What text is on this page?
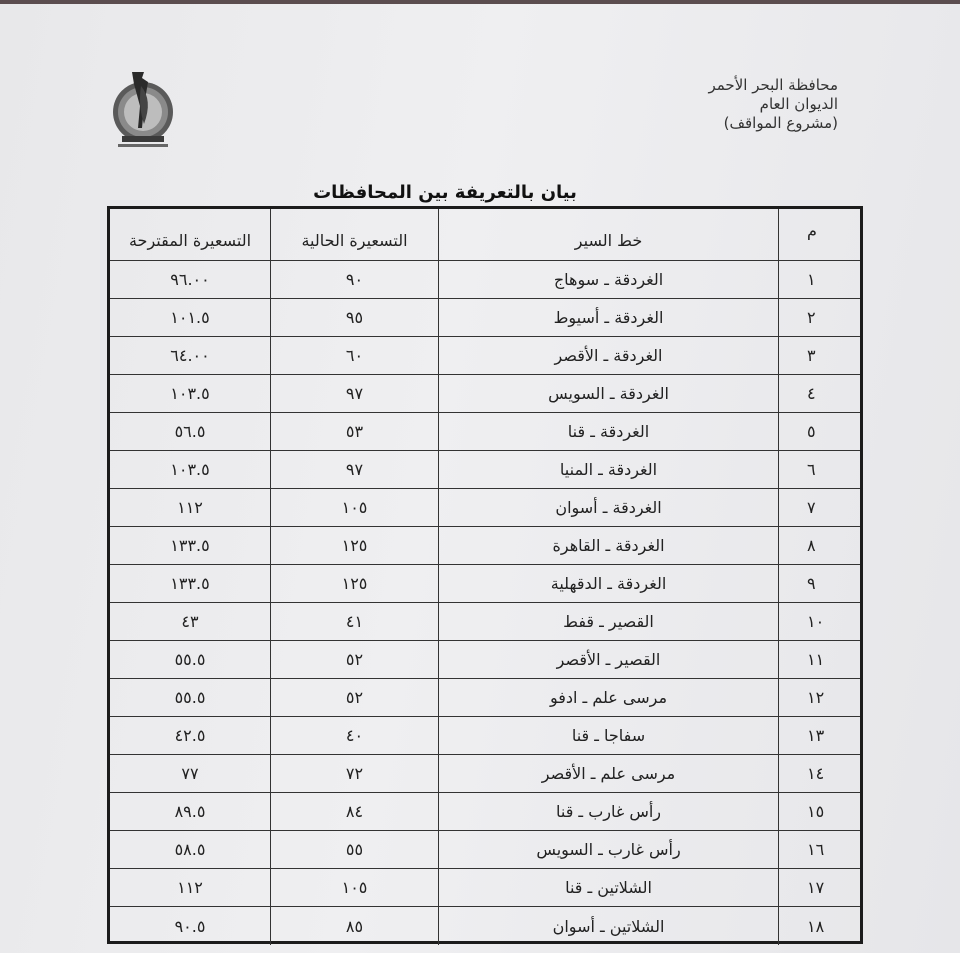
محافظة البحر الأحمر
الديوان العام
(مشروع المواقف)
بيان بالتعريفة بين المحافظات
م
خط السير
التسعيرة الحالية
التسعيرة المقترحة
١
الغردقة ـ سوهاج
٩٠
٩٦.٠٠
٢
الغردقة ـ أسيوط
٩٥
١٠١.٥
٣
الغردقة ـ الأقصر
٦٠
٦٤.٠٠
٤
الغردقة ـ السويس
٩٧
١٠٣.٥
٥
الغردقة ـ قنا
٥٣
٥٦.٥
٦
الغردقة ـ المنيا
٩٧
١٠٣.٥
٧
الغردقة ـ أسوان
١٠٥
١١٢
٨
الغردقة ـ القاهرة
١٢٥
١٣٣.٥
٩
الغردقة ـ الدقهلية
١٢٥
١٣٣.٥
١٠
القصير ـ قفط
٤١
٤٣
١١
القصير ـ الأقصر
٥٢
٥٥.٥
١٢
مرسى علم ـ ادفو
٥٢
٥٥.٥
١٣
سفاجا ـ قنا
٤٠
٤٢.٥
١٤
مرسى علم ـ الأقصر
٧٢
٧٧
١٥
رأس غارب ـ قنا
٨٤
٨٩.٥
١٦
رأس غارب ـ السويس
٥٥
٥٨.٥
١٧
الشلاتين ـ قنا
١٠٥
١١٢
١٨
الشلاتين ـ أسوان
٨٥
٩٠.٥
